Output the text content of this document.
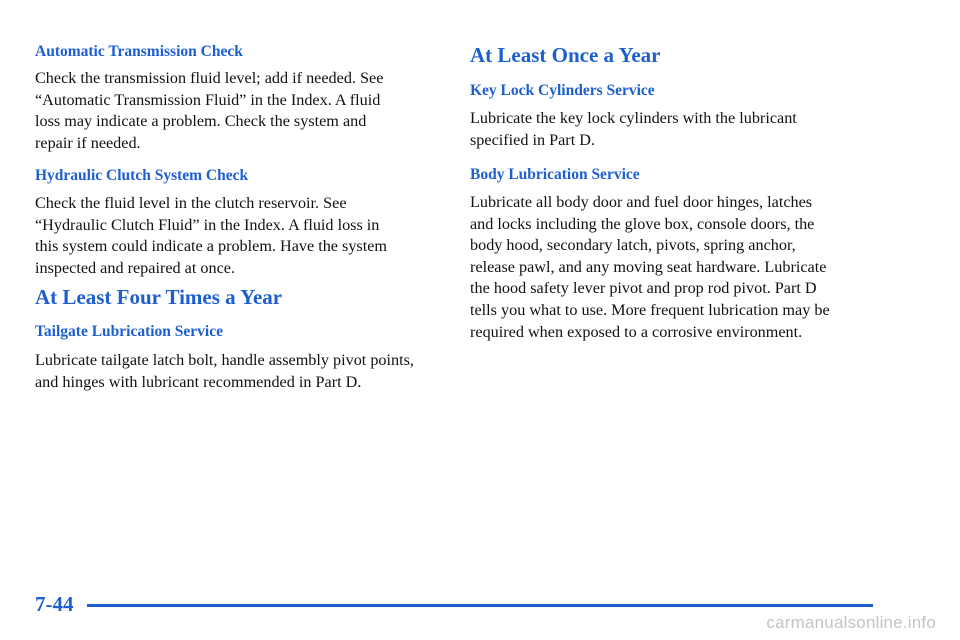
Automatic Transmission Check

Check the transmission fluid level; add if needed. See
“Automatic Transmission Fluid” in the Index. A fluid
loss may indicate a problem. Check the system and
repair if needed.

Hydraulic Clutch System Check

Check the fluid level in the clutch reservoir. See
“Hydraulic Clutch Fluid” in the Index. A fluid loss in
this system could indicate a problem. Have the system
inspected and repaired at once.

At Least Four Times a Year
Tailgate Lubrication Service

Lubricate tailgate latch bolt, handle assembly pivot points,
and hinges with lubricant recommended in Part D.

At Least Once a Year
Key Lock Cylinders Service

Lubricate the key lock cylinders with the lubricant
specified in Part D.

Body Lubrication Service

Lubricate all body door and fuel door hinges, latches
and locks including the glove box, console doors, the
body hood, secondary latch, pivots, spring anchor,
release pawl, and any moving seat hardware. Lubricate
the hood safety lever pivot and prop rod pivot. Part D
tells you what to use. More frequent lubrication may be
required when exposed to a corrosive environment.

7-44
carmanualsonline.info
